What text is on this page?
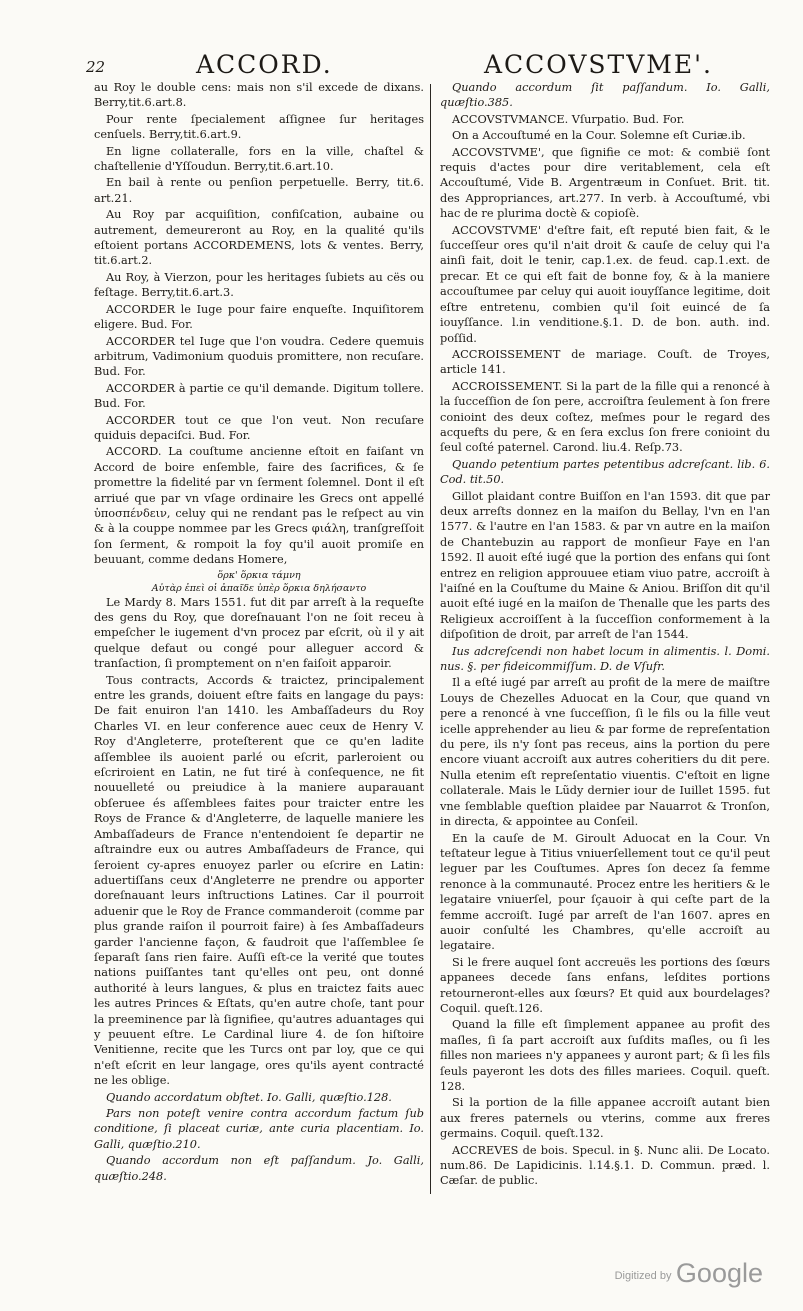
22	ACCORD.	ACCOVSTVME'.

au Roy le double cens: mais non s'il excede de dixans. Berry,tit.6.art.8.

Pour rente ſpecialement aſſignee ſur heritages cenſuels. Berry,tit.6.art.9.

En ligne collateralle, fors en la ville, chaſtel & chaſtellenie d'Yſſoudun. Berry,tit.6.art.10.

En bail à rente ou penſion perpetuelle. Berry, tit.6. art.21.

Au Roy par acquiſition, confiſcation, aubaine ou autrement, demeureront au Roy, en la qualité qu'ils eſtoient portans ACCORDEMENS, lots & ventes. Berry, tit.6.art.2.

Au Roy, à Vierzon, pour les heritages ſubiets au cës ou feſtage. Berry,tit.6.art.3.

ACCORDER le Iuge pour faire enqueſte. Inquiſitorem eligere. Bud. For.

ACCORDER tel Iuge que l'on voudra. Cedere quemuis arbitrum, Vadimonium quoduis promittere, non recuſare. Bud. For.

ACCORDER à partie ce qu'il demande. Digitum tollere. Bud. For.

ACCORDER tout ce que l'on veut. Non recuſare quiduis depaciſci. Bud. For.

ACCORD. La couſtume ancienne eſtoit en faiſant vn Accord de boire enſemble, faire des ſacrifices, & ſe promettre la fidelité par vn ſerment ſolemnel. Dont il eſt arriué que par vn vſage ordinaire les Grecs ont appellé ὑποσπένδειν, celuy qui ne rendant pas le reſpect au vin & à la couppe nommee par les Grecs φιάλη, tranſgreſſoit ſon ſerment, & rompoit la foy qu'il auoit promiſe en beuuant, comme dedans Homere,

ὅρκ' ὅρκια τάμνη

Αὐτὰρ ἐπεὶ οἱ ἀπαῖδε ὑπὲρ ὅρκια δηλήσαντο

Le Mardy 8. Mars 1551. fut dit par arreſt à la requeſte des gens du Roy, que doreſnauant l'on ne ſoit receu à empeſcher le iugement d'vn procez par eſcrit, où il y ait quelque defaut ou congé pour alleguer accord & tranſaction, ſi promptement on n'en faiſoit apparoir.

Tous contracts, Accords & traictez, principalement entre les grands, doiuent eſtre faits en langage du pays: De fait enuiron l'an 1410. les Ambaſſadeurs du Roy Charles VI. en leur conference auec ceux de Henry V. Roy d'Angleterre, proteſterent que ce qu'en ladite aſſemblee ils auoient parlé ou eſcrit, parleroient ou eſcriroient en Latin, ne fut tiré à conſequence, ne fit nouuelleté ou preiudice à la maniere auparauant obſeruee és aſſemblees faites pour traicter entre les Roys de France & d'Angleterre, de laquelle maniere les Ambaſſadeurs de France n'entendoient ſe departir ne aſtraindre eux ou autres Ambaſſadeurs de France, qui ſeroient cy-apres enuoyez parler ou eſcrire en Latin: aduertiſſans ceux d'Angleterre ne prendre ou apporter doreſnauant leurs inſtructions Latines. Car il pourroit aduenir que le Roy de France commanderoit (comme par plus grande raiſon il pourroit faire) à ſes Ambaſſadeurs garder l'ancienne façon, & faudroit que l'aſſemblee ſe ſeparaſt ſans rien faire. Auſſi eſt-ce la verité que toutes nations puiſſantes tant qu'elles ont peu, ont donné authorité à leurs langues, & plus en traictez faits auec les autres Princes & Eſtats, qu'en autre choſe, tant pour la preeminence par là ſignifiee, qu'autres aduantages qui y peuuent eſtre. Le Cardinal liure 4. de ſon hiſtoire Venitienne, recite que les Turcs ont par loy, que ce qui n'eſt eſcrit en leur langage, ores qu'ils ayent contracté ne les oblige.

Quando accordatum obſtet. Io. Galli, quæſtio.128.

Pars non poteſt venire contra accordum factum ſub conditione, ſi placeat curiæ, ante curia placentiam. Io. Galli, quæſtio.210.

Quando accordum non eſt paſſandum. Jo. Galli, quæſtio.248.

Quando accordum ſit paſſandum. Io. Galli, quæſtio.385.

ACCOVSTVMANCE. Vſurpatio. Bud. For.

On a Accouſtumé en la Cour. Solemne eſt Curiæ.ib.

ACCOVSTVME', que ſignifie ce mot: & combië ſont requis d'actes pour dire veritablement, cela eſt Accouſtumé, Vide B. Argentræum in Conſuet. Brit. tit. des Appropriances, art.277. In verb. à Accouſtumé, vbi hac de re plurima doctè & copioſè.

ACCOVSTVME' d'eſtre fait, eſt reputé bien fait, & le ſucceſſeur ores qu'il n'ait droit & cauſe de celuy qui l'a ainſi fait, doit le tenir, cap.1.ex. de feud. cap.1.ext. de precar. Et ce qui eſt fait de bonne foy, & à la maniere accouſtumee par celuy qui auoit iouyſſance legitime, doit eſtre entretenu, combien qu'il ſoit euincé de ſa iouyſſance. l.in venditione.§.1. D. de bon. auth. ind. poſſid.

ACCROISSEMENT de mariage. Couſt. de Troyes, article 141.

ACCROISSEMENT. Si la part de la fille qui a renoncé à la ſucceſſion de ſon pere, accroiſtra ſeulement à ſon frere conioint des deux coſtez, meſmes pour le regard des acquefts du pere, & en ſera exclus ſon frere conioint du ſeul coſté paternel. Carond. liu.4. Reſp.73.

Quando petentium partes petentibus adcreſcant. lib. 6. Cod. tit.50.

Gillot plaidant contre Buiſſon en l'an 1593. dit que par deux arreſts donnez en la maiſon du Bellay, l'vn en l'an 1577. & l'autre en l'an 1583. & par vn autre en la maiſon de Chantebuzin au rapport de monſieur Faye en l'an 1592. Il auoit eſté iugé que la portion des enfans qui ſont entrez en religion approuuee etiam viuo patre, accroiſt à l'aiſné en la Couſtume du Maine & Aniou. Briſſon dit qu'il auoit eſté iugé en la maiſon de Thenalle que les parts des Religieux accroiſſent à la ſucceſſion conformement à la diſpoſition de droit, par arreſt de l'an 1544.

Ius adcreſcendi non habet locum in alimentis. l. Domi. nus. §. per fideicommiſſum. D. de Vſufr.

Il a eſté iugé par arreſt au profit de la mere de maiſtre Louys de Chezelles Aduocat en la Cour, que quand vn pere a renoncé à vne ſucceſſion, ſi le fils ou la fille veut icelle apprehender au lieu & par forme de repreſentation du pere, ils n'y ſont pas receus, ains la portion du pere encore viuant accroiſt aux autres coheritiers du dit pere. Nulla etenim eſt repreſentatio viuentis. C'eſtoit en ligne collaterale. Mais le Lũdy dernier iour de Iuillet 1595. fut vne ſemblable queſtion plaidee par Nauarrot & Tronſon, in directa, & appointee au Conſeil.

En la cauſe de M. Giroult Aduocat en la Cour. Vn teſtateur legue à Titius vniuerſellement tout ce qu'il peut leguer par les Couſtumes. Apres ſon decez ſa femme renonce à la communauté. Procez entre les heritiers & le legataire vniuerſel, pour ſçauoir à qui ceſte part de la femme accroiſt. Iugé par arreſt de l'an 1607. apres en auoir conſulté les Chambres, qu'elle accroiſt au legataire.

Si le frere auquel ſont accreuës les portions des ſœurs appanees decede ſans enfans, leſdites portions retourneront-elles aux ſœurs? Et quid aux bourdelages? Coquil. queſt.126.

Quand la fille eſt ſimplement appanee au profit des maſles, ſi ſa part accroiſt aux ſuſdits maſles, ou ſi les filles non mariees n'y appanees y auront part; & ſi les fils ſeuls payeront les dots des filles mariees. Coquil. queſt. 128.

Si la portion de la fille appanee accroiſt autant bien aux freres paternels ou vterins, comme aux freres germains. Coquil. queſt.132.

ACCREVES de bois. Specul. in §. Nunc alii. De Locato. num.86. De Lapidicinis. l.14.§.1. D. Commun. præd. l. Cæſar. de public.

Digitized by Google
